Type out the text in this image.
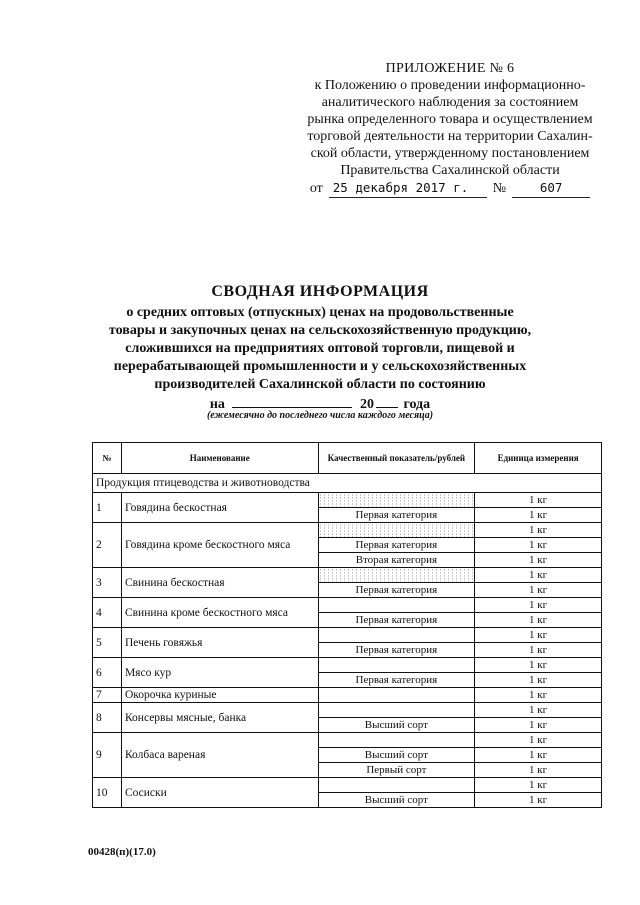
ПРИЛОЖЕНИЕ № 6
к Положению о проведении информационно-
аналитического наблюдения за состоянием
рынка определенного товара и осуществлением
торговой деятельности на территории Сахалин-
ской области, утвержденному постановлением
Правительства Сахалинской области
от 25 декабря 2017 г.	№	607
СВОДНАЯ ИНФОРМАЦИЯ
о средних оптовых (отпускных) ценах на продовольственные
товары и закупочных ценах на сельскохозяйственную продукцию,
сложившихся на предприятиях оптовой торговли, пищевой и
перерабатывающей промышленности и у сельскохозяйственных
производителей Сахалинской области по состоянию
на	20 года
(ежемесячно до последнего числа каждого месяца)
№	Наименование	Качественный показатель/рублей	Единица измерения
Продукция птицеводства и животноводства			
1	Говядина бескостная		1 кг
		Первая категория	1 кг
2	Говядина кроме бескостного мяса		1 кг
		Первая категория	1 кг
		Вторая категория	1 кг
3	Свинина бескостная		1 кг
		Первая категория	1 кг
4	Свинина кроме бескостного мяса		1 кг
		Первая категория	1 кг
5	Печень говяжья		1 кг
		Первая категория	1 кг
6	Мясо кур		1 кг
		Первая категория	1 кг
7	Окорочка куриные		1 кг
8	Консервы мясные, банка		1 кг
		Высший сорт	1 кг
9	Колбаса вареная		1 кг
		Высший сорт	1 кг
		Первый сорт	1 кг
10	Сосиски		1 кг
		Высший сорт	1 кг
00428(п)(17.0)
